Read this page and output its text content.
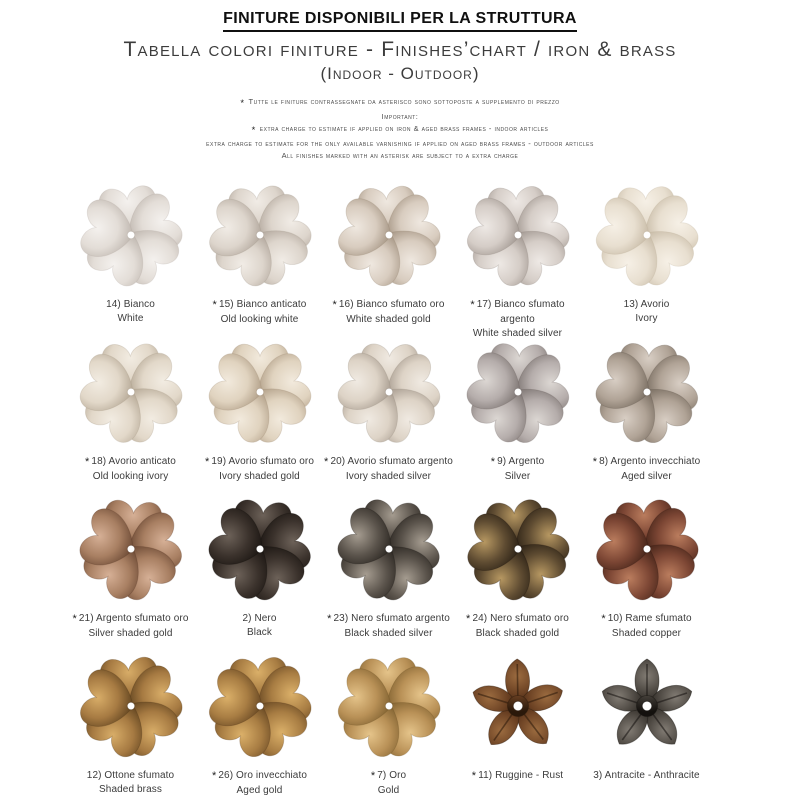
FINITURE DISPONIBILI PER LA STRUTTURA
Tabella colori finiture - Finishes’chart / iron & brass
(Indoor - Outdoor)
* Tutte le finiture contrassegnate da asterisco sono sottoposte a supplemento di prezzo
Important:
* extra charge to estimate if applied on iron & aged brass frames - indoor articles
extra charge to estimate for the only available varnishing if applied on aged brass frames - outdoor articles
All finishes marked with an asterisk are subject to a extra charge
14) Bianco
White
* 15) Bianco anticato
Old looking white
* 16) Bianco sfumato oro
White shaded gold
* 17) Bianco sfumato argento
White shaded silver
13) Avorio
Ivory
* 18) Avorio anticato
Old looking ivory
* 19) Avorio sfumato oro
Ivory shaded gold
* 20) Avorio sfumato argento
Ivory shaded silver
* 9) Argento
Silver
* 8) Argento invecchiato
Aged silver
* 21) Argento sfumato oro
Silver shaded gold
2) Nero
Black
* 23) Nero sfumato argento
Black shaded silver
* 24) Nero sfumato oro
Black shaded gold
* 10) Rame sfumato
Shaded copper
12) Ottone sfumato
Shaded brass
* 26) Oro invecchiato
Aged gold
* 7) Oro
Gold
* 11) Ruggine - Rust	3) Antracite - Anthracite
